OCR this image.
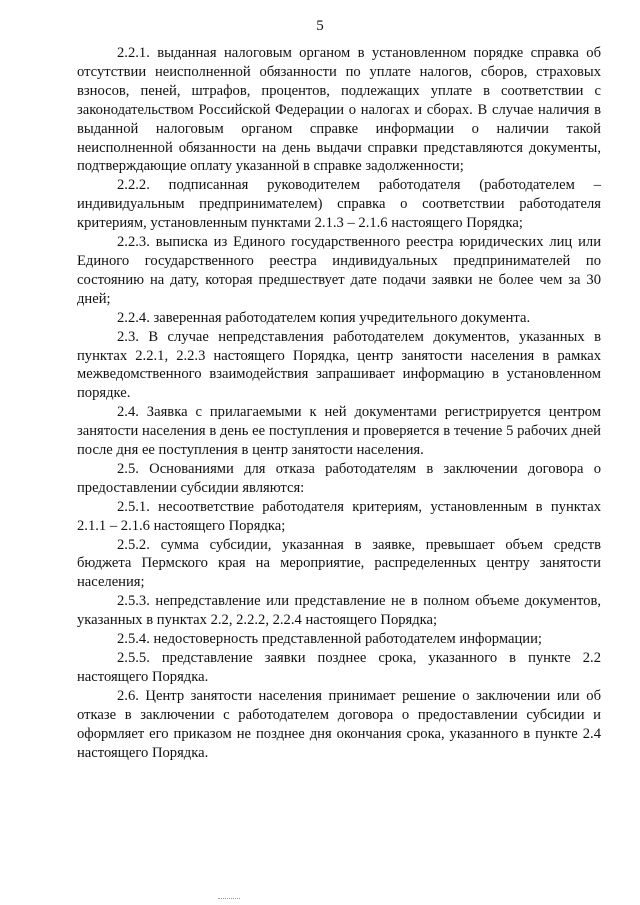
5

2.2.1. выданная налоговым органом в установленном порядке справка об отсутствии неисполненной обязанности по уплате налогов, сборов, страховых взносов, пеней, штрафов, процентов, подлежащих уплате в соответствии с законодательством Российской Федерации о налогах и сборах. В случае наличия в выданной налоговым органом справке информации о наличии такой неисполненной обязанности на день выдачи справки представляются документы, подтверждающие оплату указанной в справке задолженности;

2.2.2. подписанная руководителем работодателя (работодателем – индивидуальным предпринимателем) справка о соответствии работодателя критериям, установленным пунктами 2.1.3 – 2.1.6 настоящего Порядка;

2.2.3. выписка из Единого государственного реестра юридических лиц или Единого государственного реестра индивидуальных предпринимателей по состоянию на дату, которая предшествует дате подачи заявки не более чем за 30 дней;

2.2.4. заверенная работодателем копия учредительного документа.

2.3. В случае непредставления работодателем документов, указанных в пунктах 2.2.1, 2.2.3 настоящего Порядка, центр занятости населения в рамках межведомственного взаимодействия запрашивает информацию в установленном порядке.

2.4. Заявка с прилагаемыми к ней документами регистрируется центром занятости населения в день ее поступления и проверяется в течение 5 рабочих дней после дня ее поступления в центр занятости населения.

2.5. Основаниями для отказа работодателям в заключении договора о предоставлении субсидии являются:

2.5.1. несоответствие работодателя критериям, установленным в пунктах 2.1.1 – 2.1.6 настоящего Порядка;

2.5.2. сумма субсидии, указанная в заявке, превышает объем средств бюджета Пермского края на мероприятие, распределенных центру занятости населения;

2.5.3. непредставление или представление не в полном объеме документов, указанных в пунктах 2.2, 2.2.2, 2.2.4 настоящего Порядка;

2.5.4. недостоверность представленной работодателем информации;

2.5.5. представление заявки позднее срока, указанного в пункте 2.2 настоящего Порядка.

2.6. Центр занятости населения принимает решение о заключении или об отказе в заключении с работодателем договора о предоставлении субсидии и оформляет его приказом не позднее дня окончания срока, указанного в пункте 2.4 настоящего Порядка.
